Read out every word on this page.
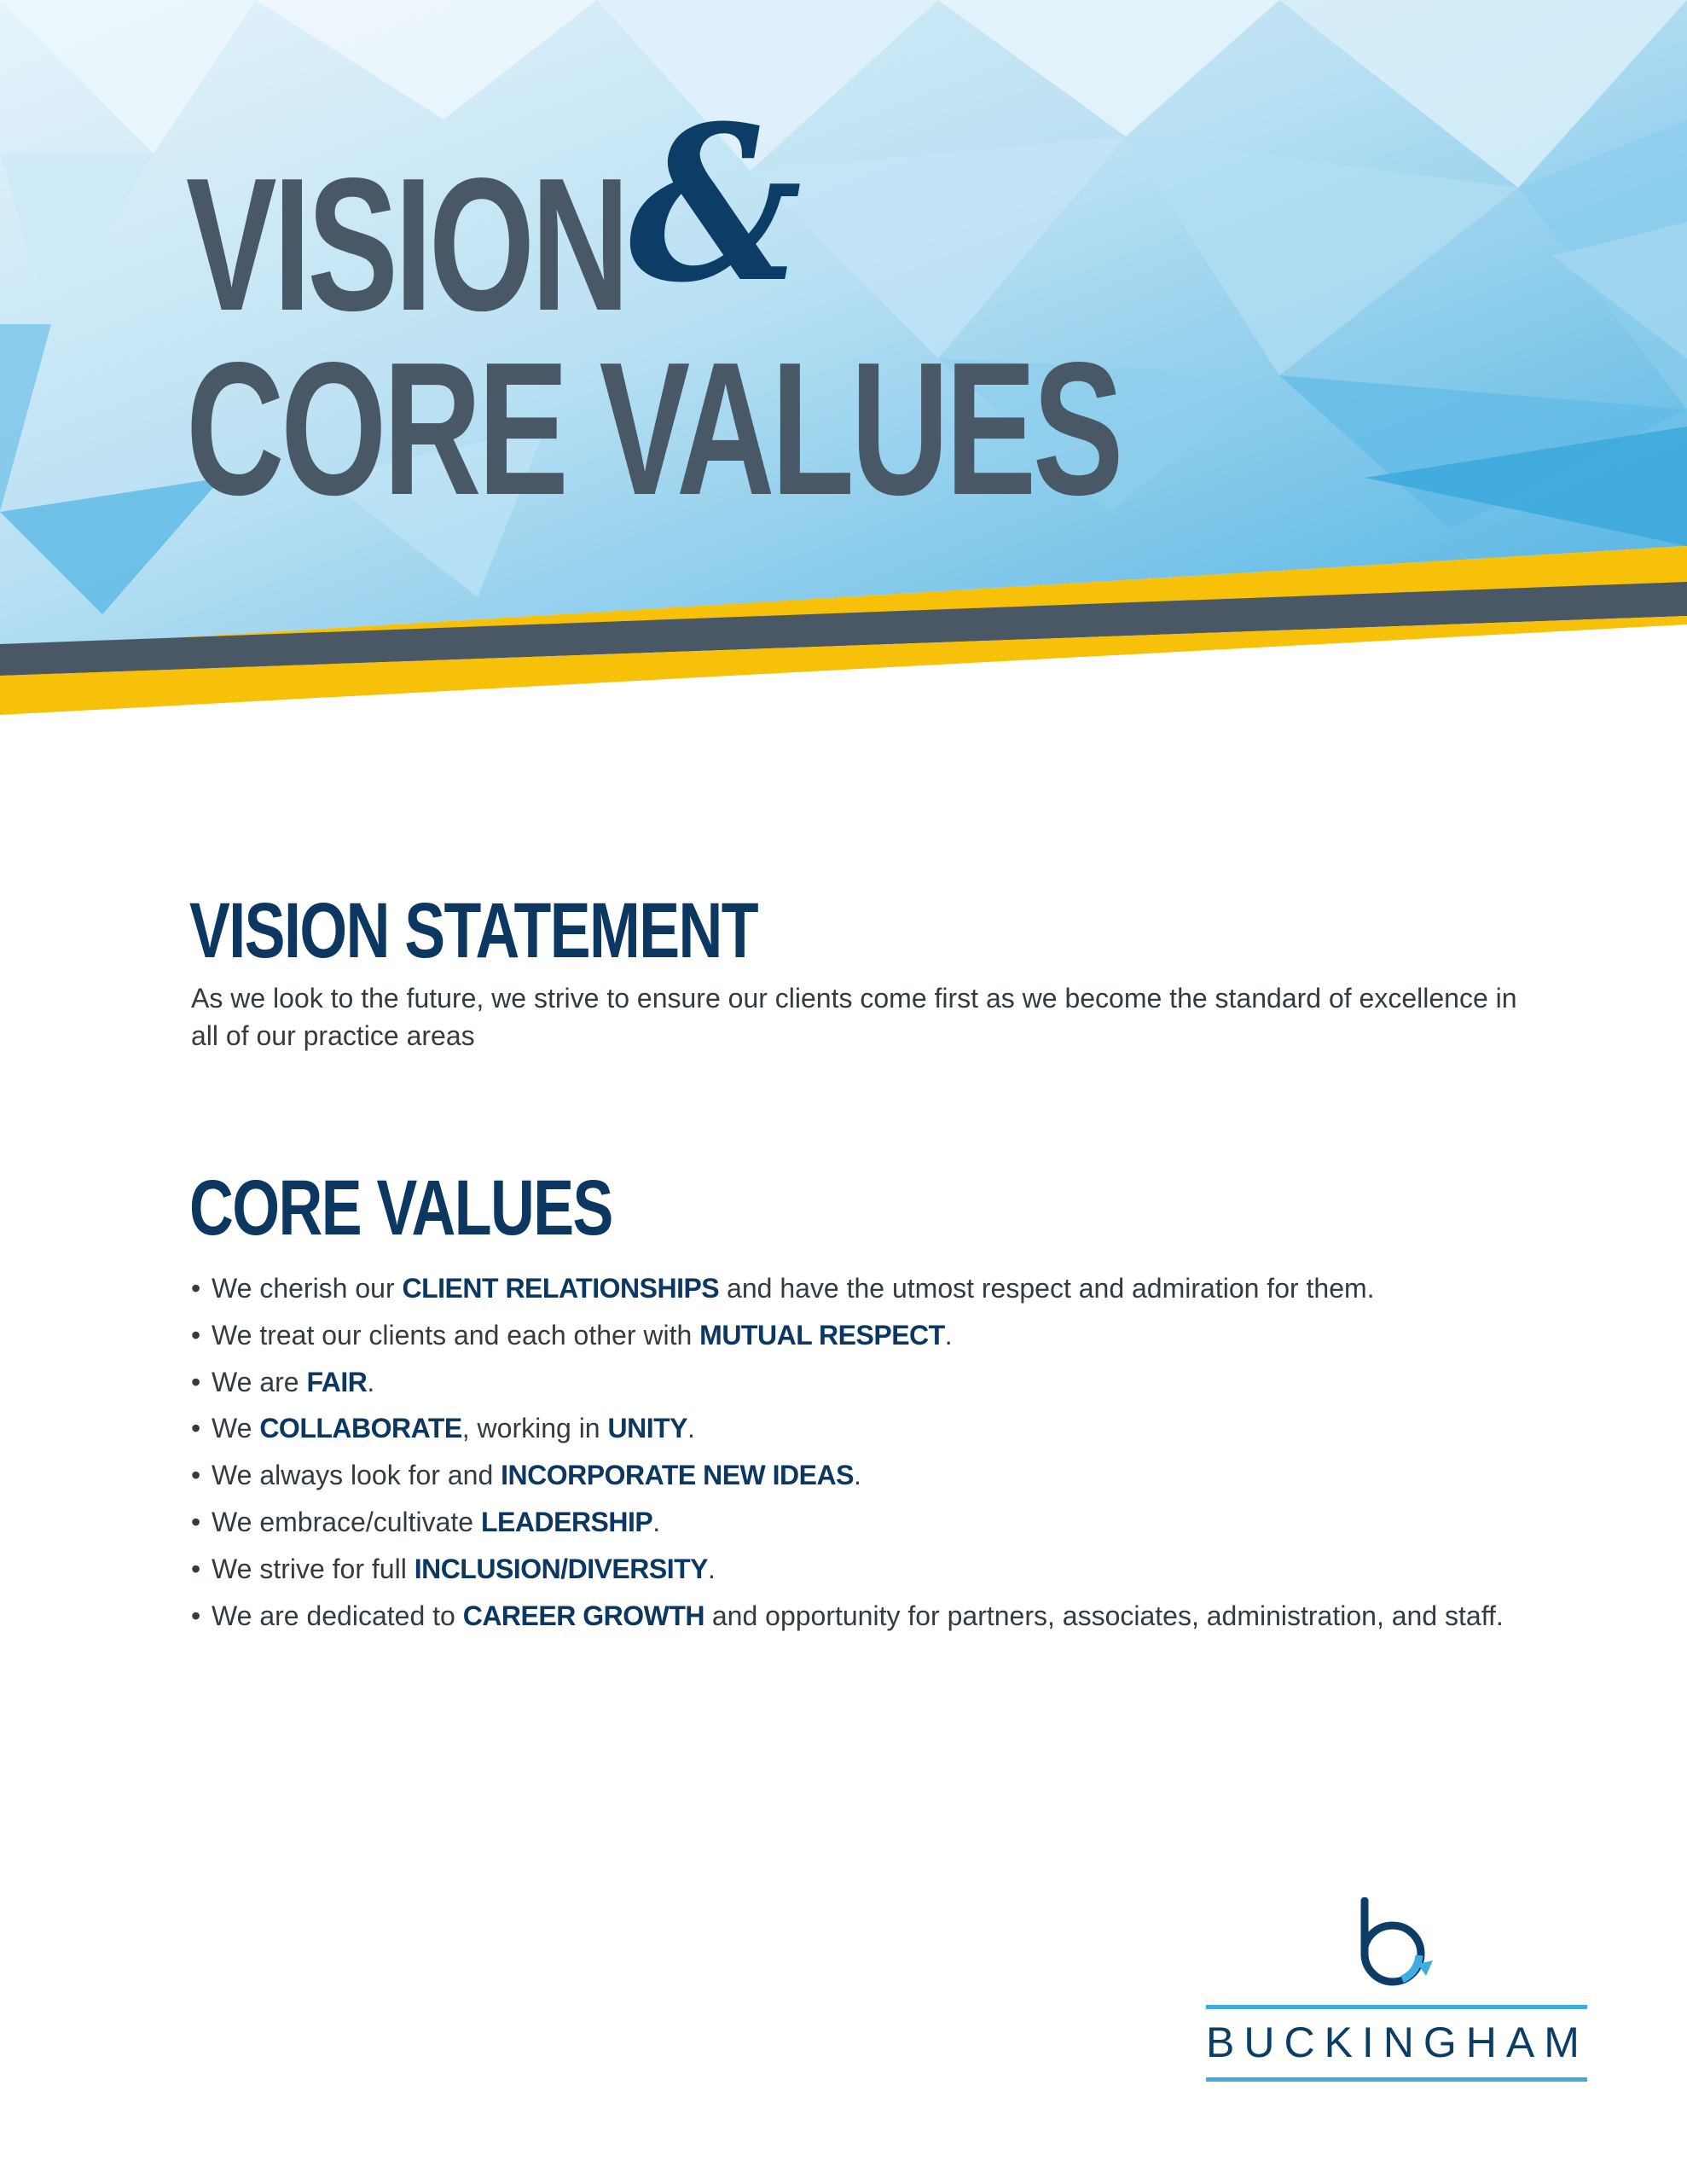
VISION&
CORE VALUES
VISION STATEMENT
As we look to the future, we strive to ensure our clients come first as we become the standard of excellence in all of our practice areas
CORE VALUES
• We cherish our CLIENT RELATIONSHIPS and have the utmost respect and admiration for them.
• We treat our clients and each other with MUTUAL RESPECT.
• We are FAIR.
• We COLLABORATE, working in UNITY.
• We always look for and INCORPORATE NEW IDEAS.
• We embrace/cultivate LEADERSHIP.
• We strive for full INCLUSION/DIVERSITY.
• We are dedicated to CAREER GROWTH and opportunity for partners, associates, administration, and staff.
BUCKINGHAM
